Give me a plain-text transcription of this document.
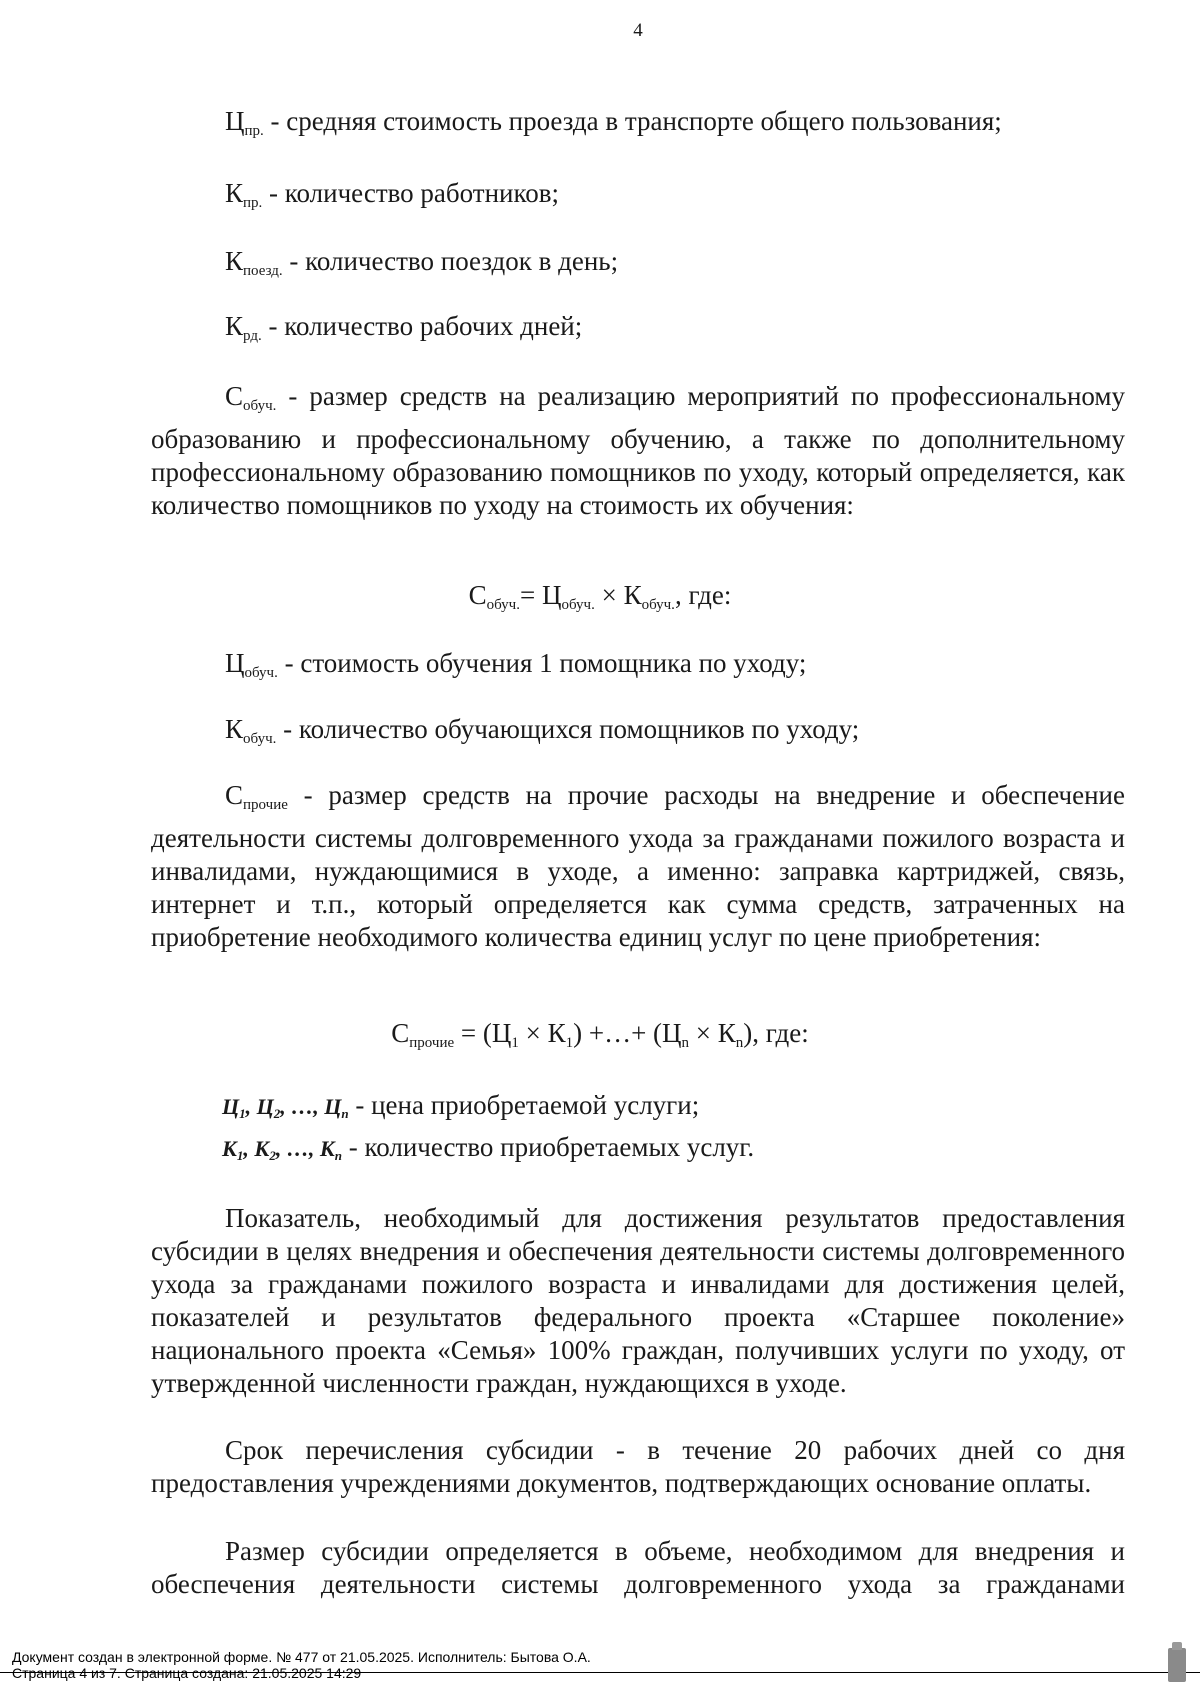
4
$Ц_{пр.}$ - средняя стоимость проезда в транспорте общего пользования;
$К_{пр.}$ - количество работников;
$К_{поезд.}$ - количество поездок в день;
$К_{рд.}$ - количество рабочих дней;
$С_{обуч.}$ - размер средств на реализацию мероприятий по профессиональному образованию и профессиональному обучению, а также по дополнительному профессиональному образованию помощников по уходу, который определяется, как количество помощников по уходу на стоимость их обучения:
$С_{обуч.}= Ц_{обуч.} \times К_{обуч.}$, где:
$Ц_{обуч.}$ - стоимость обучения 1 помощника по уходу;
$К_{обуч.}$ - количество обучающихся помощников по уходу;
$С_{прочие}$ - размер средств на прочие расходы на внедрение и обеспечение деятельности системы долговременного ухода за гражданами пожилого возраста и инвалидами, нуждающимися в уходе, а именно: заправка картриджей, связь, интернет и т.п., который определяется как сумма средств, затраченных на приобретение необходимого количества единиц услуг по цене приобретения:
$С_{прочие} = (Ц_1 \times К_1)$ +…+ $(Ц_n \times К_n)$, где:
Ц1, Ц2, …, Цn - цена приобретаемой услуги;
К1, К2, …, Кn - количество приобретаемых услуг.
Показатель, необходимый для достижения результатов предоставления субсидии в целях внедрения и обеспечения деятельности системы долговременного ухода за гражданами пожилого возраста и инвалидами для достижения целей, показателей и результатов федерального проекта «Старшее поколение» национального проекта «Семья» 100% граждан, получивших услуги по уходу, от утвержденной численности граждан, нуждающихся в уходе.
Срок перечисления субсидии - в течение 20 рабочих дней со дня предоставления учреждениями документов, подтверждающих основание оплаты.
Размер субсидии определяется в объеме, необходимом для внедрения и обеспечения деятельности системы долговременного ухода за гражданами
Документ создан в электронной форме. № 477 от 21.05.2025. Исполнитель: Бытова О.А.
Страница 4 из 7. Страница создана: 21.05.2025 14:29
